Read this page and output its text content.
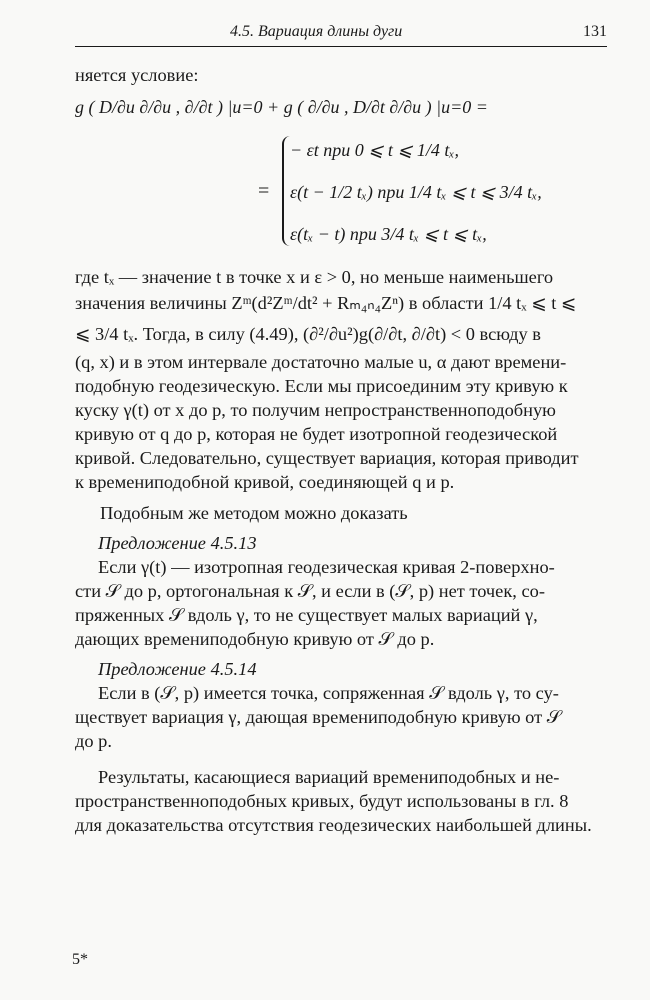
4.5. Вариация длины дуги	131
няется условие:
g ( D/∂u ∂/∂u , ∂/∂t ) |u=0 + g ( ∂/∂u , D/∂t ∂/∂u ) |u=0 =
=
− εt при 0 ⩽ t ⩽ 1/4 tₓ,
ε(t − 1/2 tₓ) при 1/4 tₓ ⩽ t ⩽ 3/4 tₓ,
ε(tₓ − t) при 3/4 tₓ ⩽ t ⩽ tₓ,
где tₓ — значение t в точке x и ε > 0, но меньше наименьшего
значения величины Zᵐ(d²Zᵐ/dt² + Rₘ₄ₙ₄Zⁿ) в области 1/4 tₓ ⩽ t ⩽
⩽ 3/4 tₓ. Тогда, в силу (4.49), (∂²/∂u²)g(∂/∂t, ∂/∂t) < 0 всюду в
(q, x) и в этом интервале достаточно малые u, α дают времени-
подобную геодезическую. Если мы присоединим эту кривую к
куску γ(t) от x до p, то получим непространственноподобную
кривую от q до p, которая не будет изотропной геодезической
кривой. Следовательно, существует вариация, которая приводит
к времениподобной кривой, соединяющей q и p.
Подобным же методом можно доказать
Предложение 4.5.13
Если γ(t) — изотропная геодезическая кривая 2-поверхно-
сти 𝒮 до p, ортогональная к 𝒮, и если в (𝒮, p) нет точек, со-
пряженных 𝒮 вдоль γ, то не существует малых вариаций γ,
дающих времениподобную кривую от 𝒮 до p.
Предложение 4.5.14
Если в (𝒮, p) имеется точка, сопряженная 𝒮 вдоль γ, то су-
ществует вариация γ, дающая времениподобную кривую от 𝒮
до p.
Результаты, касающиеся вариаций времениподобных и не-
пространственноподобных кривых, будут использованы в гл. 8
для доказательства отсутствия геодезических наибольшей длины.
5*
